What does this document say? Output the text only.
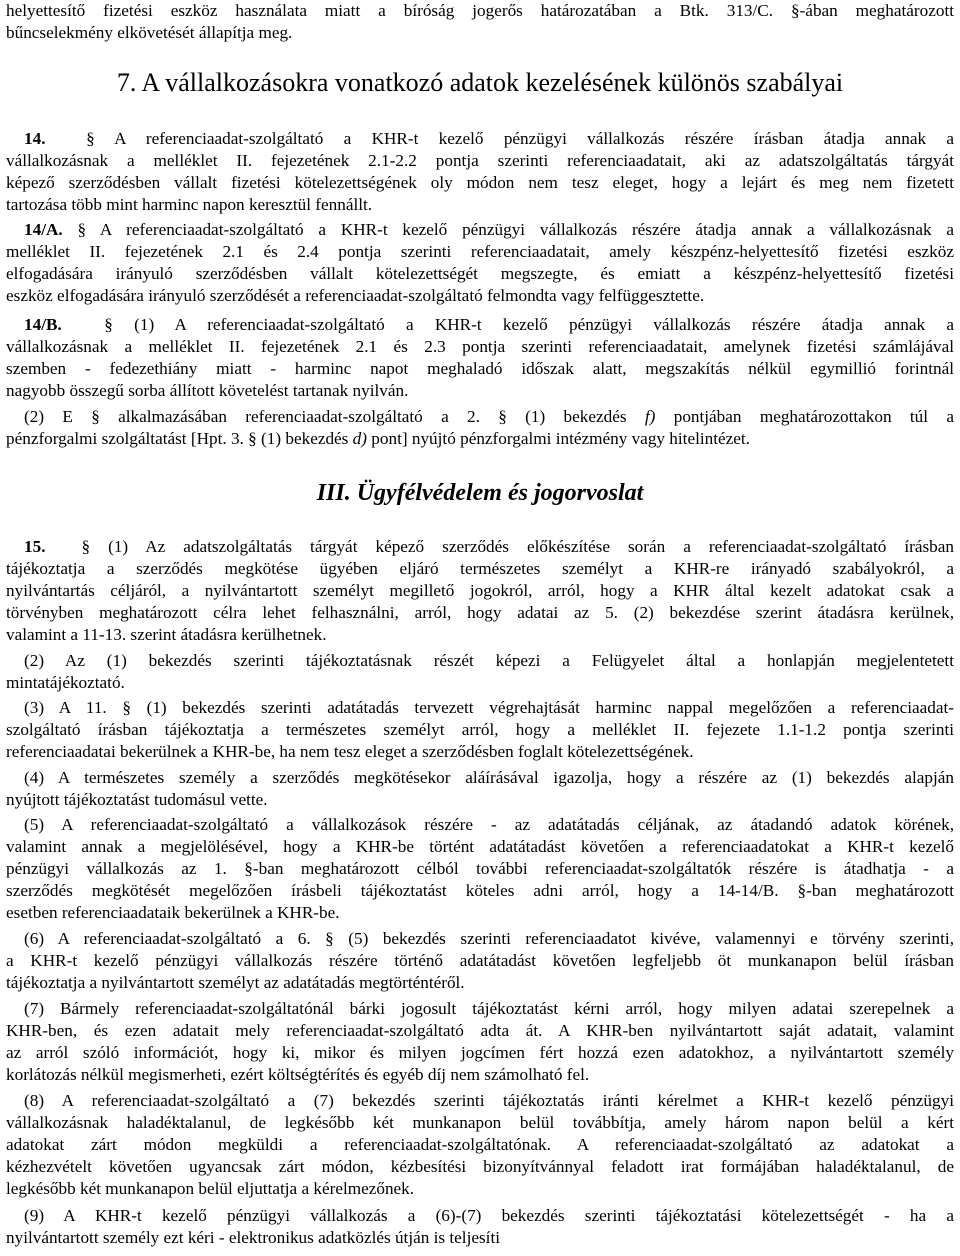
helyettesítő fizetési eszköz használata miatt a bíróság jogerős határozatában a Btk. 313/C. §-ában meghatározott
bűncselekmény elkövetését állapítja meg.
7. A vállalkozásokra vonatkozó adatok kezelésének különös szabályai
14. § A referenciaadat-szolgáltató a KHR-t kezelő pénzügyi vállalkozás részére írásban átadja annak a
vállalkozásnak a melléklet II. fejezetének 2.1-2.2 pontja szerinti referenciaadatait, aki az adatszolgáltatás tárgyát
képező szerződésben vállalt fizetési kötelezettségének oly módon nem tesz eleget, hogy a lejárt és meg nem fizetett
tartozása több mint harminc napon keresztül fennállt.
14/A. § A referenciaadat-szolgáltató a KHR-t kezelő pénzügyi vállalkozás részére átadja annak a vállalkozásnak a
melléklet II. fejezetének 2.1 és 2.4 pontja szerinti referenciaadatait, amely készpénz-helyettesítő fizetési eszköz
elfogadására irányuló szerződésben vállalt kötelezettségét megszegte, és emiatt a készpénz-helyettesítő fizetési
eszköz elfogadására irányuló szerződését a referenciaadat-szolgáltató felmondta vagy felfüggesztette.
14/B. § (1) A referenciaadat-szolgáltató a KHR-t kezelő pénzügyi vállalkozás részére átadja annak a
vállalkozásnak a melléklet II. fejezetének 2.1 és 2.3 pontja szerinti referenciaadatait, amelynek fizetési számlájával
szemben - fedezethiány miatt - harminc napot meghaladó időszak alatt, megszakítás nélkül egymillió forintnál
nagyobb összegű sorba állított követelést tartanak nyilván.
(2) E § alkalmazásában referenciaadat-szolgáltató a 2. § (1) bekezdés f) pontjában meghatározottakon túl a
pénzforgalmi szolgáltatást [Hpt. 3. § (1) bekezdés d) pont] nyújtó pénzforgalmi intézmény vagy hitelintézet.
III. Ügyfélvédelem és jogorvoslat
15. § (1) Az adatszolgáltatás tárgyát képező szerződés előkészítése során a referenciaadat-szolgáltató írásban
tájékoztatja a szerződés megkötése ügyében eljáró természetes személyt a KHR-re irányadó szabályokról, a
nyilvántartás céljáról, a nyilvántartott személyt megillető jogokról, arról, hogy a KHR által kezelt adatokat csak a
törvényben meghatározott célra lehet felhasználni, arról, hogy adatai az 5. (2) bekezdése szerint átadásra kerülnek,
valamint a 11-13. szerint átadásra kerülhetnek.
(2) Az (1) bekezdés szerinti tájékoztatásnak részét képezi a Felügyelet által a honlapján megjelentetett
mintatájékoztató.
(3) A 11. § (1) bekezdés szerinti adatátadás tervezett végrehajtását harminc nappal megelőzően a referenciaadat-
szolgáltató írásban tájékoztatja a természetes személyt arról, hogy a melléklet II. fejezete 1.1-1.2 pontja szerinti
referenciaadatai bekerülnek a KHR-be, ha nem tesz eleget a szerződésben foglalt kötelezettségének.
(4) A természetes személy a szerződés megkötésekor aláírásával igazolja, hogy a részére az (1) bekezdés alapján
nyújtott tájékoztatást tudomásul vette.
(5) A referenciaadat-szolgáltató a vállalkozások részére - az adatátadás céljának, az átadandó adatok körének,
valamint annak a megjelölésével, hogy a KHR-be történt adatátadást követően a referenciaadatokat a KHR-t kezelő
pénzügyi vállalkozás az 1. §-ban meghatározott célból további referenciaadat-szolgáltatók részére is átadhatja - a
szerződés megkötését megelőzően írásbeli tájékoztatást köteles adni arról, hogy a 14-14/B. §-ban meghatározott
esetben referenciaadataik bekerülnek a KHR-be.
(6) A referenciaadat-szolgáltató a 6. § (5) bekezdés szerinti referenciaadatot kivéve, valamennyi e törvény szerinti,
a KHR-t kezelő pénzügyi vállalkozás részére történő adatátadást követően legfeljebb öt munkanapon belül írásban
tájékoztatja a nyilvántartott személyt az adatátadás megtörténtéről.
(7) Bármely referenciaadat-szolgáltatónál bárki jogosult tájékoztatást kérni arról, hogy milyen adatai szerepelnek a
KHR-ben, és ezen adatait mely referenciaadat-szolgáltató adta át. A KHR-ben nyilvántartott saját adatait, valamint
az arról szóló információt, hogy ki, mikor és milyen jogcímen fért hozzá ezen adatokhoz, a nyilvántartott személy
korlátozás nélkül megismerheti, ezért költségtérítés és egyéb díj nem számolható fel.
(8) A referenciaadat-szolgáltató a (7) bekezdés szerinti tájékoztatás iránti kérelmet a KHR-t kezelő pénzügyi
vállalkozásnak haladéktalanul, de legkésőbb két munkanapon belül továbbítja, amely három napon belül a kért
adatokat zárt módon megküldi a referenciaadat-szolgáltatónak. A referenciaadat-szolgáltató az adatokat a
kézhezvételt követően ugyancsak zárt módon, kézbesítési bizonyítvánnyal feladott irat formájában haladéktalanul, de
legkésőbb két munkanapon belül eljuttatja a kérelmezőnek.
(9) A KHR-t kezelő pénzügyi vállalkozás a (6)-(7) bekezdés szerinti tájékoztatási kötelezettségét - ha a
nyilvántartott személy ezt kéri - elektronikus adatközlés útján is teljesíti
